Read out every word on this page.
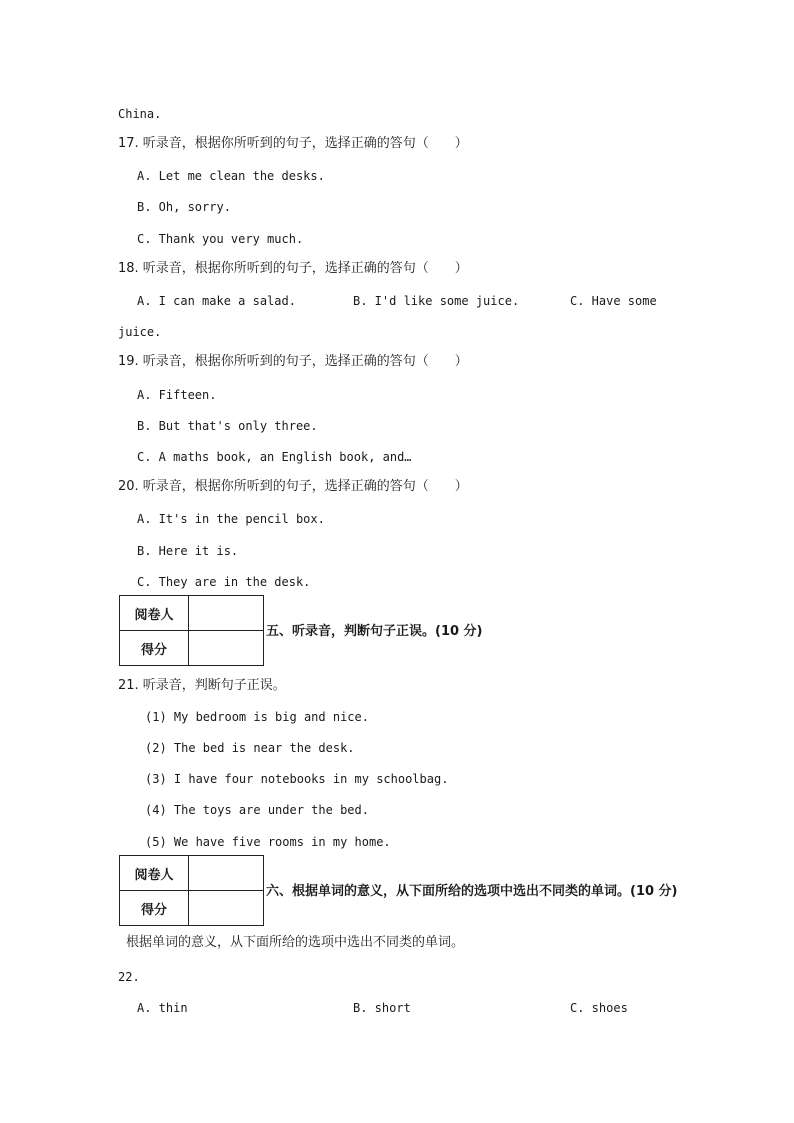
China.
17. 听录音，根据你所听到的句子，选择正确的答句（　　）
A. Let me clean the desks.
B. Oh, sorry.
C. Thank you very much.
18. 听录音，根据你所听到的句子，选择正确的答句（　　）
A. I can make a salad.	B. I'd like some juice.	C. Have some
juice.
19. 听录音，根据你所听到的句子，选择正确的答句（　　）
A. Fifteen.
B. But that's only three.
C. A maths book, an English book, and…
20. 听录音，根据你所听到的句子，选择正确的答句（　　）
A. It's in the pencil box.
B. Here it is.
C. They are in the desk.
阅卷人	
得分	
五、听录音，判断句子正误。(10 分)
21. 听录音，判断句子正误。
(1) My bedroom is big and nice.
(2) The bed is near the desk.
(3) I have four notebooks in my schoolbag.
(4) The toys are under the bed.
(5) We have five rooms in my home.
阅卷人	
得分	
六、根据单词的意义，从下面所给的选项中选出不同类的单词。(10 分)
根据单词的意义，从下面所给的选项中选出不同类的单词。
22.
A. thin	B. short	C. shoes
